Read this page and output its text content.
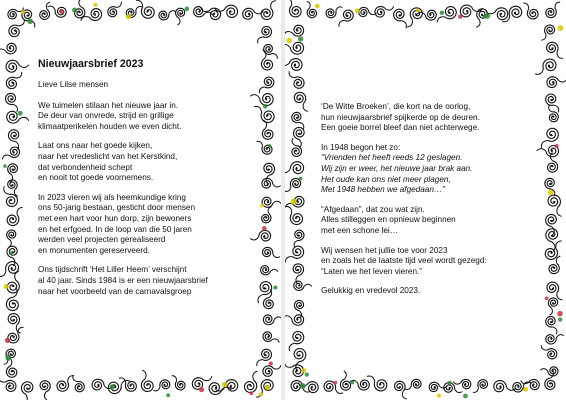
Nieuwjaarsbrief 2023
Lieve Lilse mensen
We tuimelen stilaan het nieuwe jaar in.
De deur van onvrede, strijd en grillige
klimaatperikelen houden we even dicht.
Laat ons naar het goede kijken,
naar het vredeslicht van het Kerstkind,
dat verbondenheid schept
en nooit tot goede voornemens.
In 2023 vieren wij als heemkundige kring
ons 50-jarig bestaan, gesticht door mensen
met een hart voor hun dorp, zijn bewoners
en het erfgoed. In de loop van die 50 jaren
werden veel projecten gerealiseerd
en monumenten gereserveerd.
Ons tijdschrift ‘Het Liller Heem’ verschijnt
al 40 jaar. Sinds 1984 is er een nieuwjaarsbrief
naar het voorbeeld van de carnavalsgroep
‘De Witte Broeken’, die kort na de oorlog,
hun nieuwjaarsbrief spijkerde op de deuren.
Een goeie borrel bleef dan niet achterwege.
In 1948 begon het zo:
“Vrienden het heeft reeds 12 geslagen.
Wij zijn er weer, het nieuwe jaar brak aan.
Het oude kan ons niet meer plagen,
Met 1948 hebben we afgedaan…”
“Afgedaan”, dat zou wat zijn.
Alles stilleggen en opnieuw beginnen
met een schone lei…
Wij wensen het jullie toe voor 2023
en zoals het de laatste tijd veel wordt gezegd:
“Laten we het leven vieren.”
Gelukkig en vredevol 2023.
